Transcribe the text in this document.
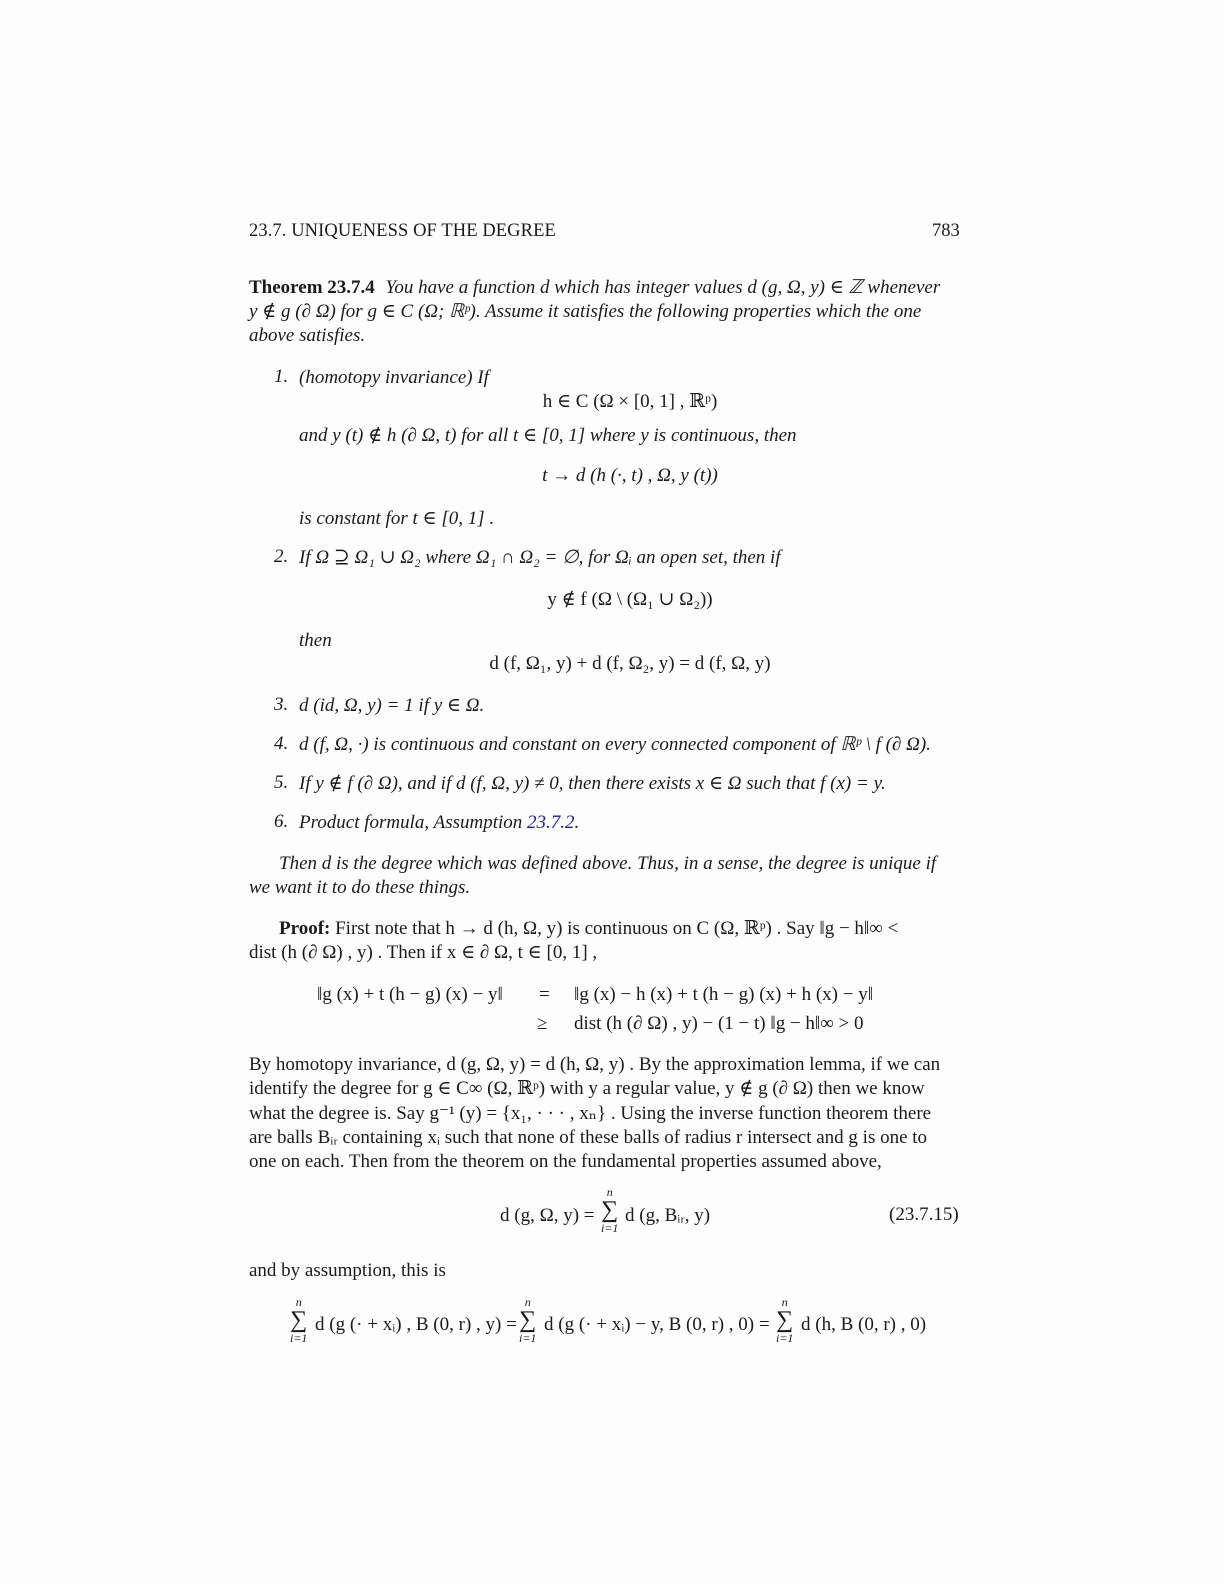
23.7. UNIQUENESS OF THE DEGREE	783
Theorem 23.7.4 You have a function d which has integer values d (g, Ω, y) ∈ ℤ whenever
y ∉ g (∂ Ω) for g ∈ C (Ω; ℝᵖ). Assume it satisfies the following properties which the one
above satisfies.
1. (homotopy invariance) If
h ∈ C (Ω × [0, 1] , ℝᵖ)
and y (t) ∉ h (∂ Ω, t) for all t ∈ [0, 1] where y is continuous, then
t → d (h (·, t) , Ω, y (t))
is constant for t ∈ [0, 1] .
2. If Ω ⊇ Ω₁ ∪ Ω₂ where Ω₁ ∩ Ω₂ = ∅, for Ωᵢ an open set, then if
y ∉ f (Ω \ (Ω₁ ∪ Ω₂))
then
d (f, Ω₁, y) + d (f, Ω₂, y) = d (f, Ω, y)
3. d (id, Ω, y) = 1 if y ∈ Ω.
4. d (f, Ω, ·) is continuous and constant on every connected component of ℝᵖ \ f (∂ Ω).
5. If y ∉ f (∂ Ω), and if d (f, Ω, y) ≠ 0, then there exists x ∈ Ω such that f (x) = y.
6. Product formula, Assumption 23.7.2.
Then d is the degree which was defined above. Thus, in a sense, the degree is unique if
we want it to do these things.
Proof: First note that h → d (h, Ω, y) is continuous on C (Ω, ℝᵖ) . Say ‖g − h‖∞ <
dist (h (∂ Ω) , y) . Then if x ∈ ∂ Ω, t ∈ [0, 1] ,
‖g (x) + t (h − g) (x) − y‖ = ‖g (x) − h (x) + t (h − g) (x) + h (x) − y‖
≥ dist (h (∂ Ω) , y) − (1 − t) ‖g − h‖∞ > 0
By homotopy invariance, d (g, Ω, y) = d (h, Ω, y) . By the approximation lemma, if we can
identify the degree for g ∈ C∞ (Ω, ℝᵖ) with y a regular value, y ∉ g (∂ Ω) then we know
what the degree is. Say g⁻¹ (y) = {x₁, · · · , xₙ} . Using the inverse function theorem there
are balls Bᵢᵣ containing xᵢ such that none of these balls of radius r intersect and g is one to
one on each. Then from the theorem on the fundamental properties assumed above,
d (g, Ω, y) =
n
∑
i=1
d (g, Bᵢᵣ, y)	(23.7.15)
and by assumption, this is
n
∑
i=1
d (g (· + xᵢ) , B (0, r) , y) =
n
∑
i=1
d (g (· + xᵢ) − y, B (0, r) , 0) =
n
∑
i=1
d (h, B (0, r) , 0)
